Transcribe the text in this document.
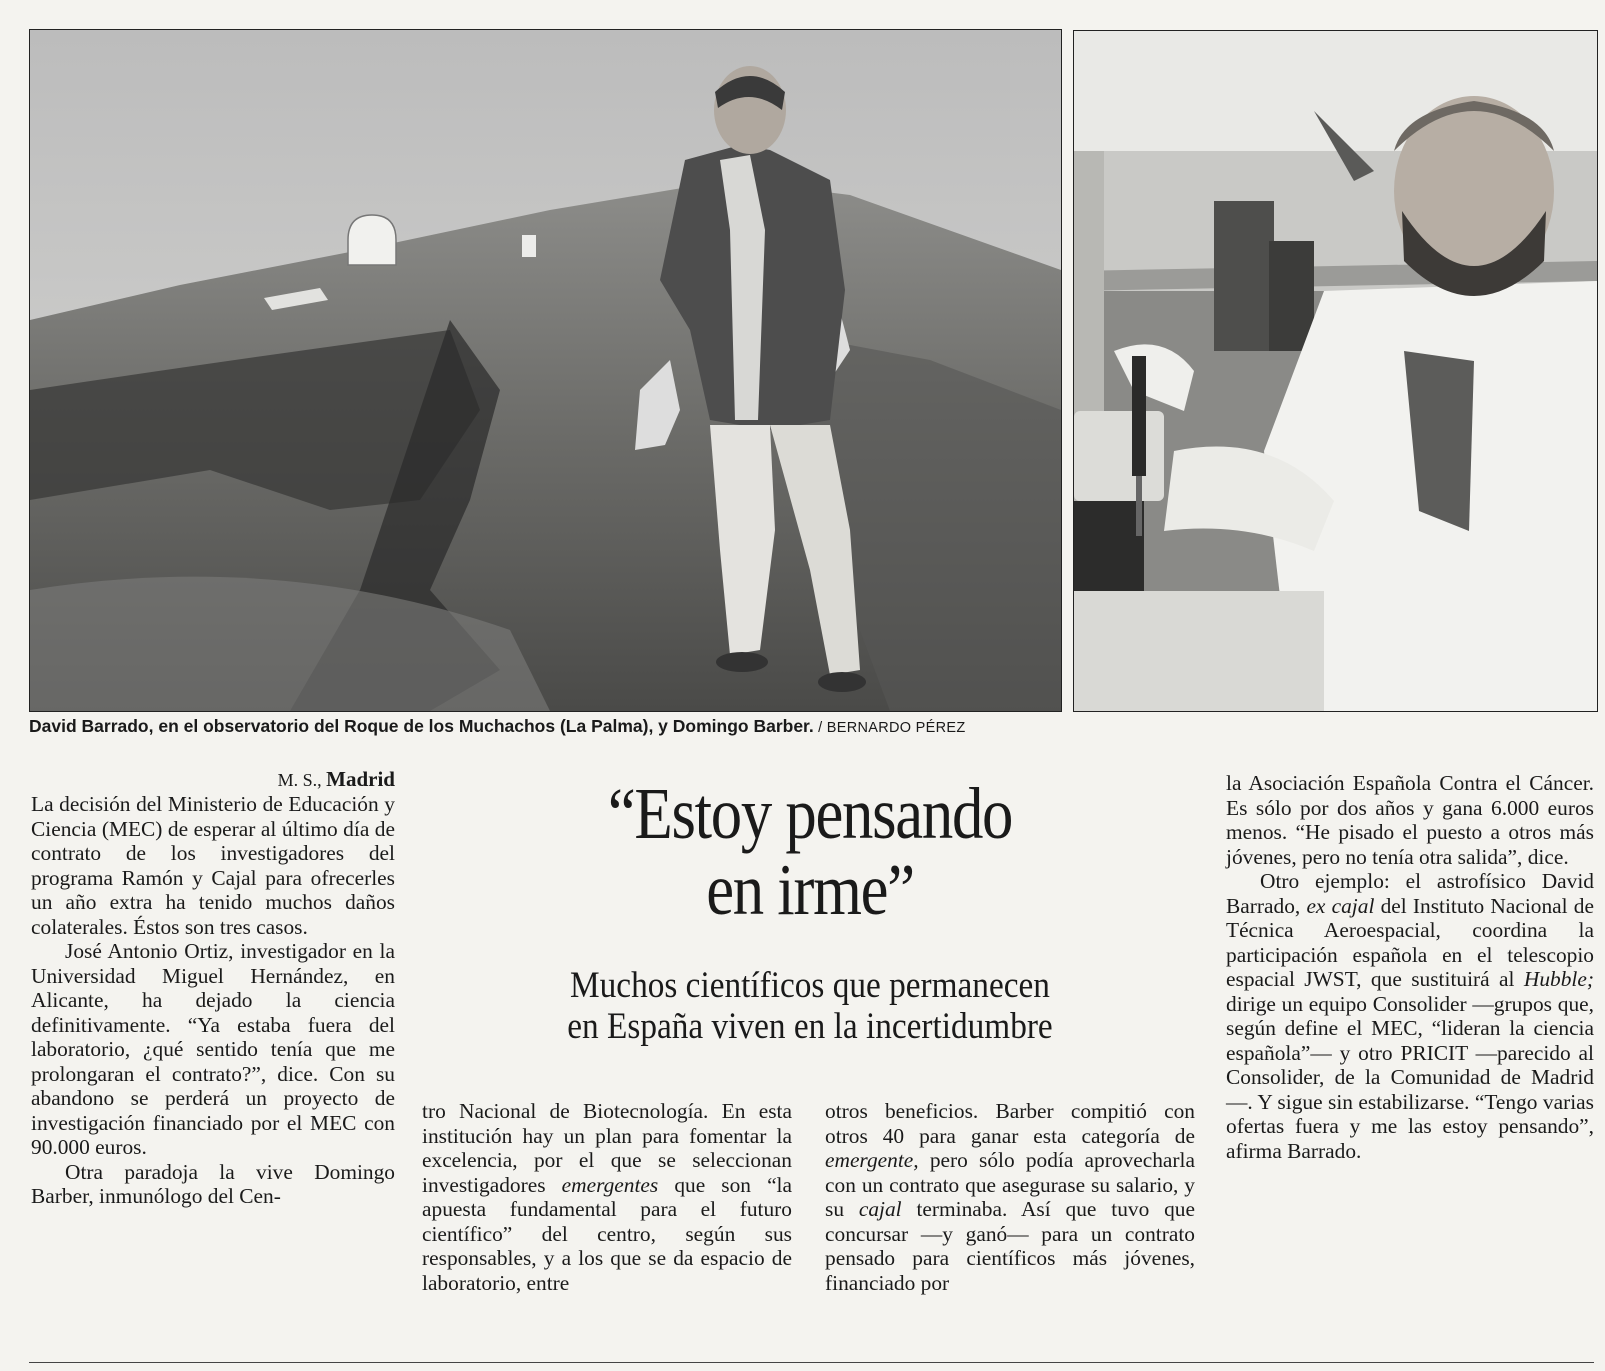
David Barrado, en el observatorio del Roque de los Muchachos (La Palma), y Domingo Barber. / BERNARDO PÉREZ
M. S., Madrid

La decisión del Ministerio de Educación y Ciencia (MEC) de esperar al último día de contrato de los investigadores del programa Ramón y Cajal para ofrecerles un año extra ha tenido muchos daños colaterales. Éstos son tres casos.

José Antonio Ortiz, investigador en la Universidad Miguel Hernández, en Alicante, ha dejado la ciencia definitivamente. “Ya estaba fuera del laboratorio, ¿qué sentido tenía que me prolongaran el contrato?”, dice. Con su abandono se perderá un proyecto de investigación financiado por el MEC con 90.000 euros.

Otra paradoja la vive Domingo Barber, inmunólogo del Cen-

“Estoy pensando
en irme”
Muchos científicos que permanecen
en España viven en la incertidumbre

tro Nacional de Biotecnología. En esta institución hay un plan para fomentar la excelencia, por el que se seleccionan investigadores emergentes que son “la apuesta fundamental para el futuro científico” del centro, según sus responsables, y a los que se da espacio de laboratorio, entre

otros beneficios. Barber compitió con otros 40 para ganar esta categoría de emergente, pero sólo podía aprovecharla con un contrato que asegurase su salario, y su cajal terminaba. Así que tuvo que concursar —y ganó— para un contrato pensado para científicos más jóvenes, financiado por

la Asociación Española Contra el Cáncer. Es sólo por dos años y gana 6.000 euros menos. “He pisado el puesto a otros más jóvenes, pero no tenía otra salida”, dice.

Otro ejemplo: el astrofísico David Barrado, ex cajal del Instituto Nacional de Técnica Aeroespacial, coordina la participación española en el telescopio espacial JWST, que sustituirá al Hubble; dirige un equipo Consolider —grupos que, según define el MEC, “lideran la ciencia española”— y otro PRICIT —parecido al Consolider, de la Comunidad de Madrid—. Y sigue sin estabilizarse. “Tengo varias ofertas fuera y me las estoy pensando”, afirma Barrado.
